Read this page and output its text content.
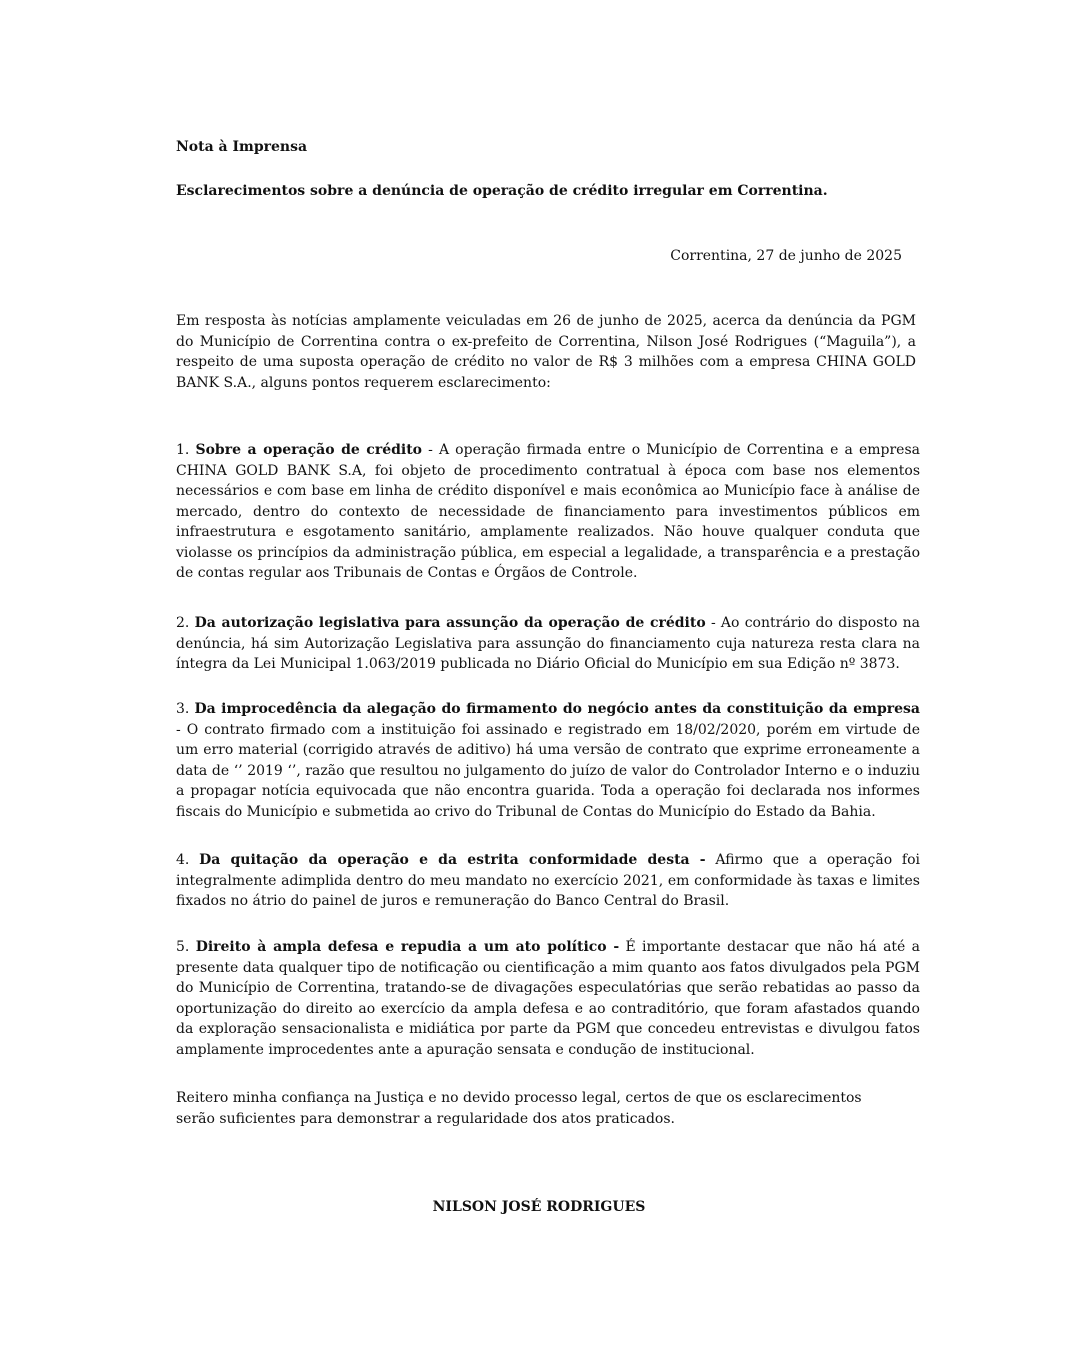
Nota à Imprensa

Esclarecimentos sobre a denúncia de operação de crédito irregular em Correntina.

Correntina, 27 de junho de 2025

Em resposta às notícias amplamente veiculadas em 26 de junho de 2025, acerca da denúncia da PGM do Município de Correntina contra o ex-prefeito de Correntina, Nilson José Rodrigues (“Maguila”), a respeito de uma suposta operação de crédito no valor de R$ 3 milhões com a empresa CHINA GOLD BANK S.A., alguns pontos requerem esclarecimento:

1. Sobre a operação de crédito - A operação firmada entre o Município de Correntina e a empresa CHINA GOLD BANK S.A, foi objeto de procedimento contratual à época com base nos elementos necessários e com base em linha de crédito disponível e mais econômica ao Município face à análise de mercado, dentro do contexto de necessidade de financiamento para investimentos públicos em infraestrutura e esgotamento sanitário, amplamente realizados. Não houve qualquer conduta que violasse os princípios da administração pública, em especial a legalidade, a transparência e a prestação de contas regular aos Tribunais de Contas e Órgãos de Controle.

2. Da autorização legislativa para assunção da operação de crédito - Ao contrário do disposto na denúncia, há sim Autorização Legislativa para assunção do financiamento cuja natureza resta clara na íntegra da Lei Municipal 1.063/2019 publicada no Diário Oficial do Município em sua Edição nº 3873.

3. Da improcedência da alegação do firmamento do negócio antes da constituição da empresa - O contrato firmado com a instituição foi assinado e registrado em 18/02/2020, porém em virtude de um erro material (corrigido através de aditivo) há uma versão de contrato que exprime erroneamente a data de ‘’ 2019 ‘’, razão que resultou no julgamento do juízo de valor do Controlador Interno e o induziu a propagar notícia equivocada que não encontra guarida. Toda a operação foi declarada nos informes fiscais do Município e submetida ao crivo do Tribunal de Contas do Município do Estado da Bahia.

4. Da quitação da operação e da estrita conformidade desta - Afirmo que a operação foi integralmente adimplida dentro do meu mandato no exercício 2021, em conformidade às taxas e limites fixados no átrio do painel de juros e remuneração do Banco Central do Brasil.

5. Direito à ampla defesa e repudia a um ato político - É importante destacar que não há até a presente data qualquer tipo de notificação ou cientificação a mim quanto aos fatos divulgados pela PGM do Município de Correntina, tratando-se de divagações especulatórias que serão rebatidas ao passo da oportunização do direito ao exercício da ampla defesa e ao contraditório, que foram afastados quando da exploração sensacionalista e midiática por parte da PGM que concedeu entrevistas e divulgou fatos amplamente improcedentes ante a apuração sensata e condução de institucional.

Reitero minha confiança na Justiça e no devido processo legal, certos de que os esclarecimentos serão suficientes para demonstrar a regularidade dos atos praticados.

NILSON JOSÉ RODRIGUES
